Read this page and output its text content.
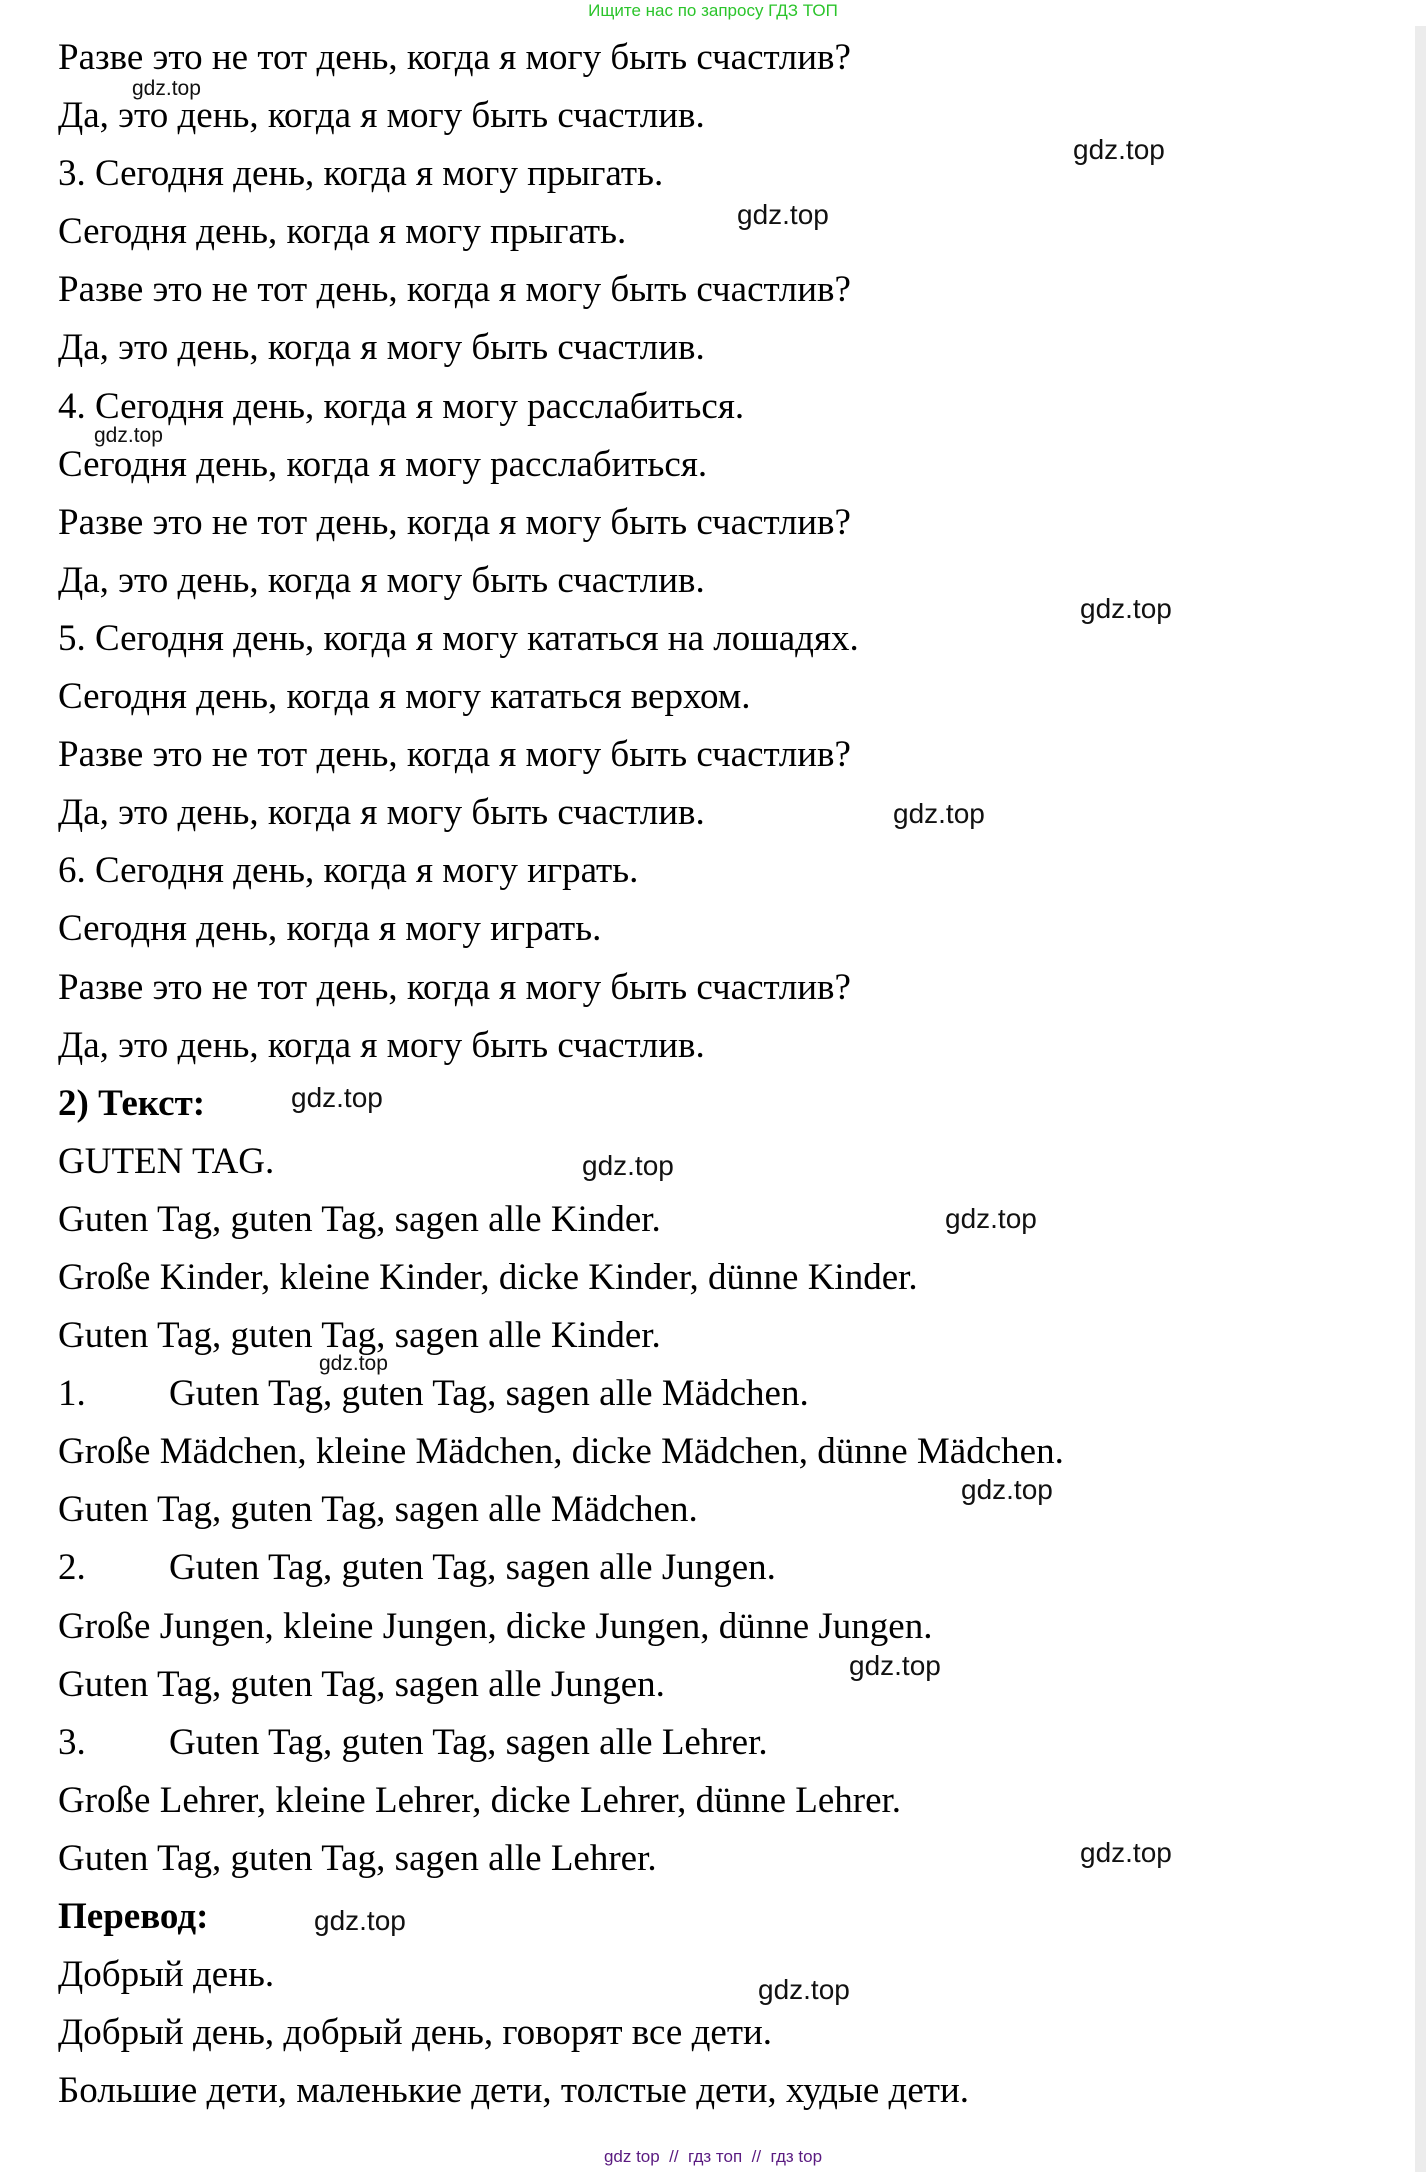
Ищите нас по запросу ГДЗ ТОП
Разве это не тот день, когда я могу быть счастлив?
Да, это день, когда я могу быть счастлив.
3. Сегодня день, когда я могу прыгать.
Сегодня день, когда я могу прыгать.
Разве это не тот день, когда я могу быть счастлив?
Да, это день, когда я могу быть счастлив.
4. Сегодня день, когда я могу расслабиться.
Сегодня день, когда я могу расслабиться.
Разве это не тот день, когда я могу быть счастлив?
Да, это день, когда я могу быть счастлив.
5. Сегодня день, когда я могу кататься на лошадях.
Сегодня день, когда я могу кататься верхом.
Разве это не тот день, когда я могу быть счастлив?
Да, это день, когда я могу быть счастлив.
6. Сегодня день, когда я могу играть.
Сегодня день, когда я могу играть.
Разве это не тот день, когда я могу быть счастлив?
Да, это день, когда я могу быть счастлив.
2) Текст:
GUTEN TAG.
Guten Tag, guten Tag, sagen alle Kinder.
Große Kinder, kleine Kinder, dicke Kinder, dünne Kinder.
Guten Tag, guten Tag, sagen alle Kinder.
1. Guten Tag, guten Tag, sagen alle Mädchen.
Große Mädchen, kleine Mädchen, dicke Mädchen, dünne Mädchen.
Guten Tag, guten Tag, sagen alle Mädchen.
2. Guten Tag, guten Tag, sagen alle Jungen.
Große Jungen, kleine Jungen, dicke Jungen, dünne Jungen.
Guten Tag, guten Tag, sagen alle Jungen.
3. Guten Tag, guten Tag, sagen alle Lehrer.
Große Lehrer, kleine Lehrer, dicke Lehrer, dünne Lehrer.
Guten Tag, guten Tag, sagen alle Lehrer.
Перевод:
Добрый день.
Добрый день, добрый день, говорят все дети.
Большие дети, маленькие дети, толстые дети, худые дети.
gdz.top
gdz.top
gdz.top
gdz.top
gdz.top
gdz.top
gdz.top
gdz.top
gdz.top
gdz.top
gdz.top
gdz.top
gdz.top
gdz.top
gdz.top
gdz top  //  гдз топ  //  гдз top
